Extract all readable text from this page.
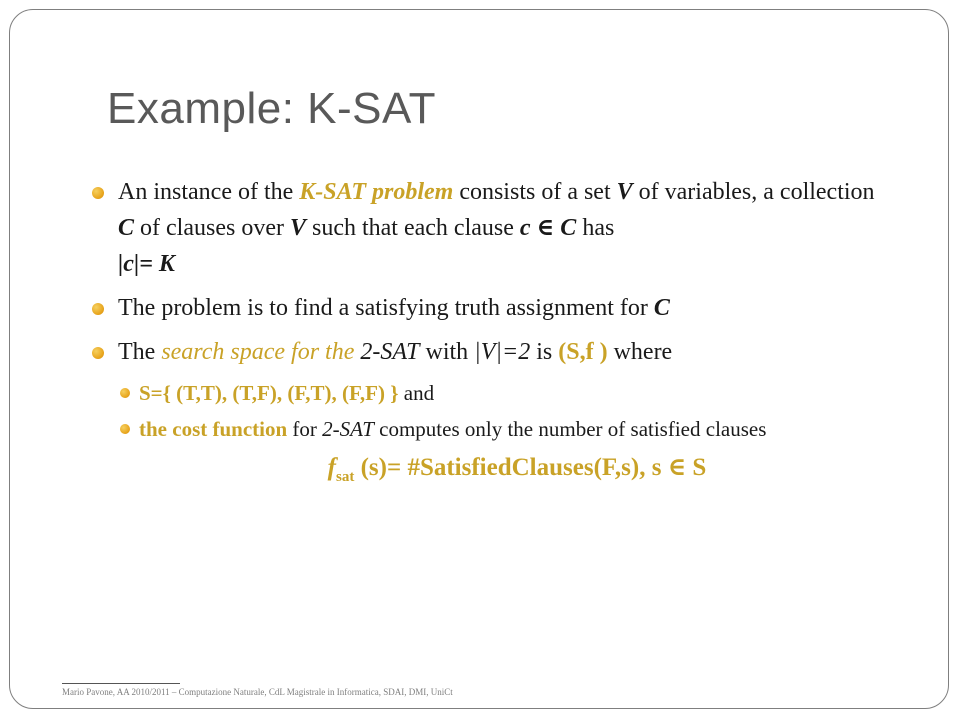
Example: K-SAT
An instance of the K-SAT problem consists of a set V of variables, a collection C of clauses over V such that each clause c ∈ C has
|c|= K
The problem is to find a satisfying truth assignment for C
The search space for the 2-SAT with |V|=2 is (S,f ) where
S={ (T,T), (T,F), (F,T), (F,F) } and
the cost function for 2-SAT computes only the number of satisfied clauses
$f_{sat}$ (s)= #SatisfiedClauses(F,s), s ∈ S
Mario Pavone, AA 2010/2011 – Computazione Naturale, CdL Magistrale in Informatica, SDAI, DMI, UniCt
